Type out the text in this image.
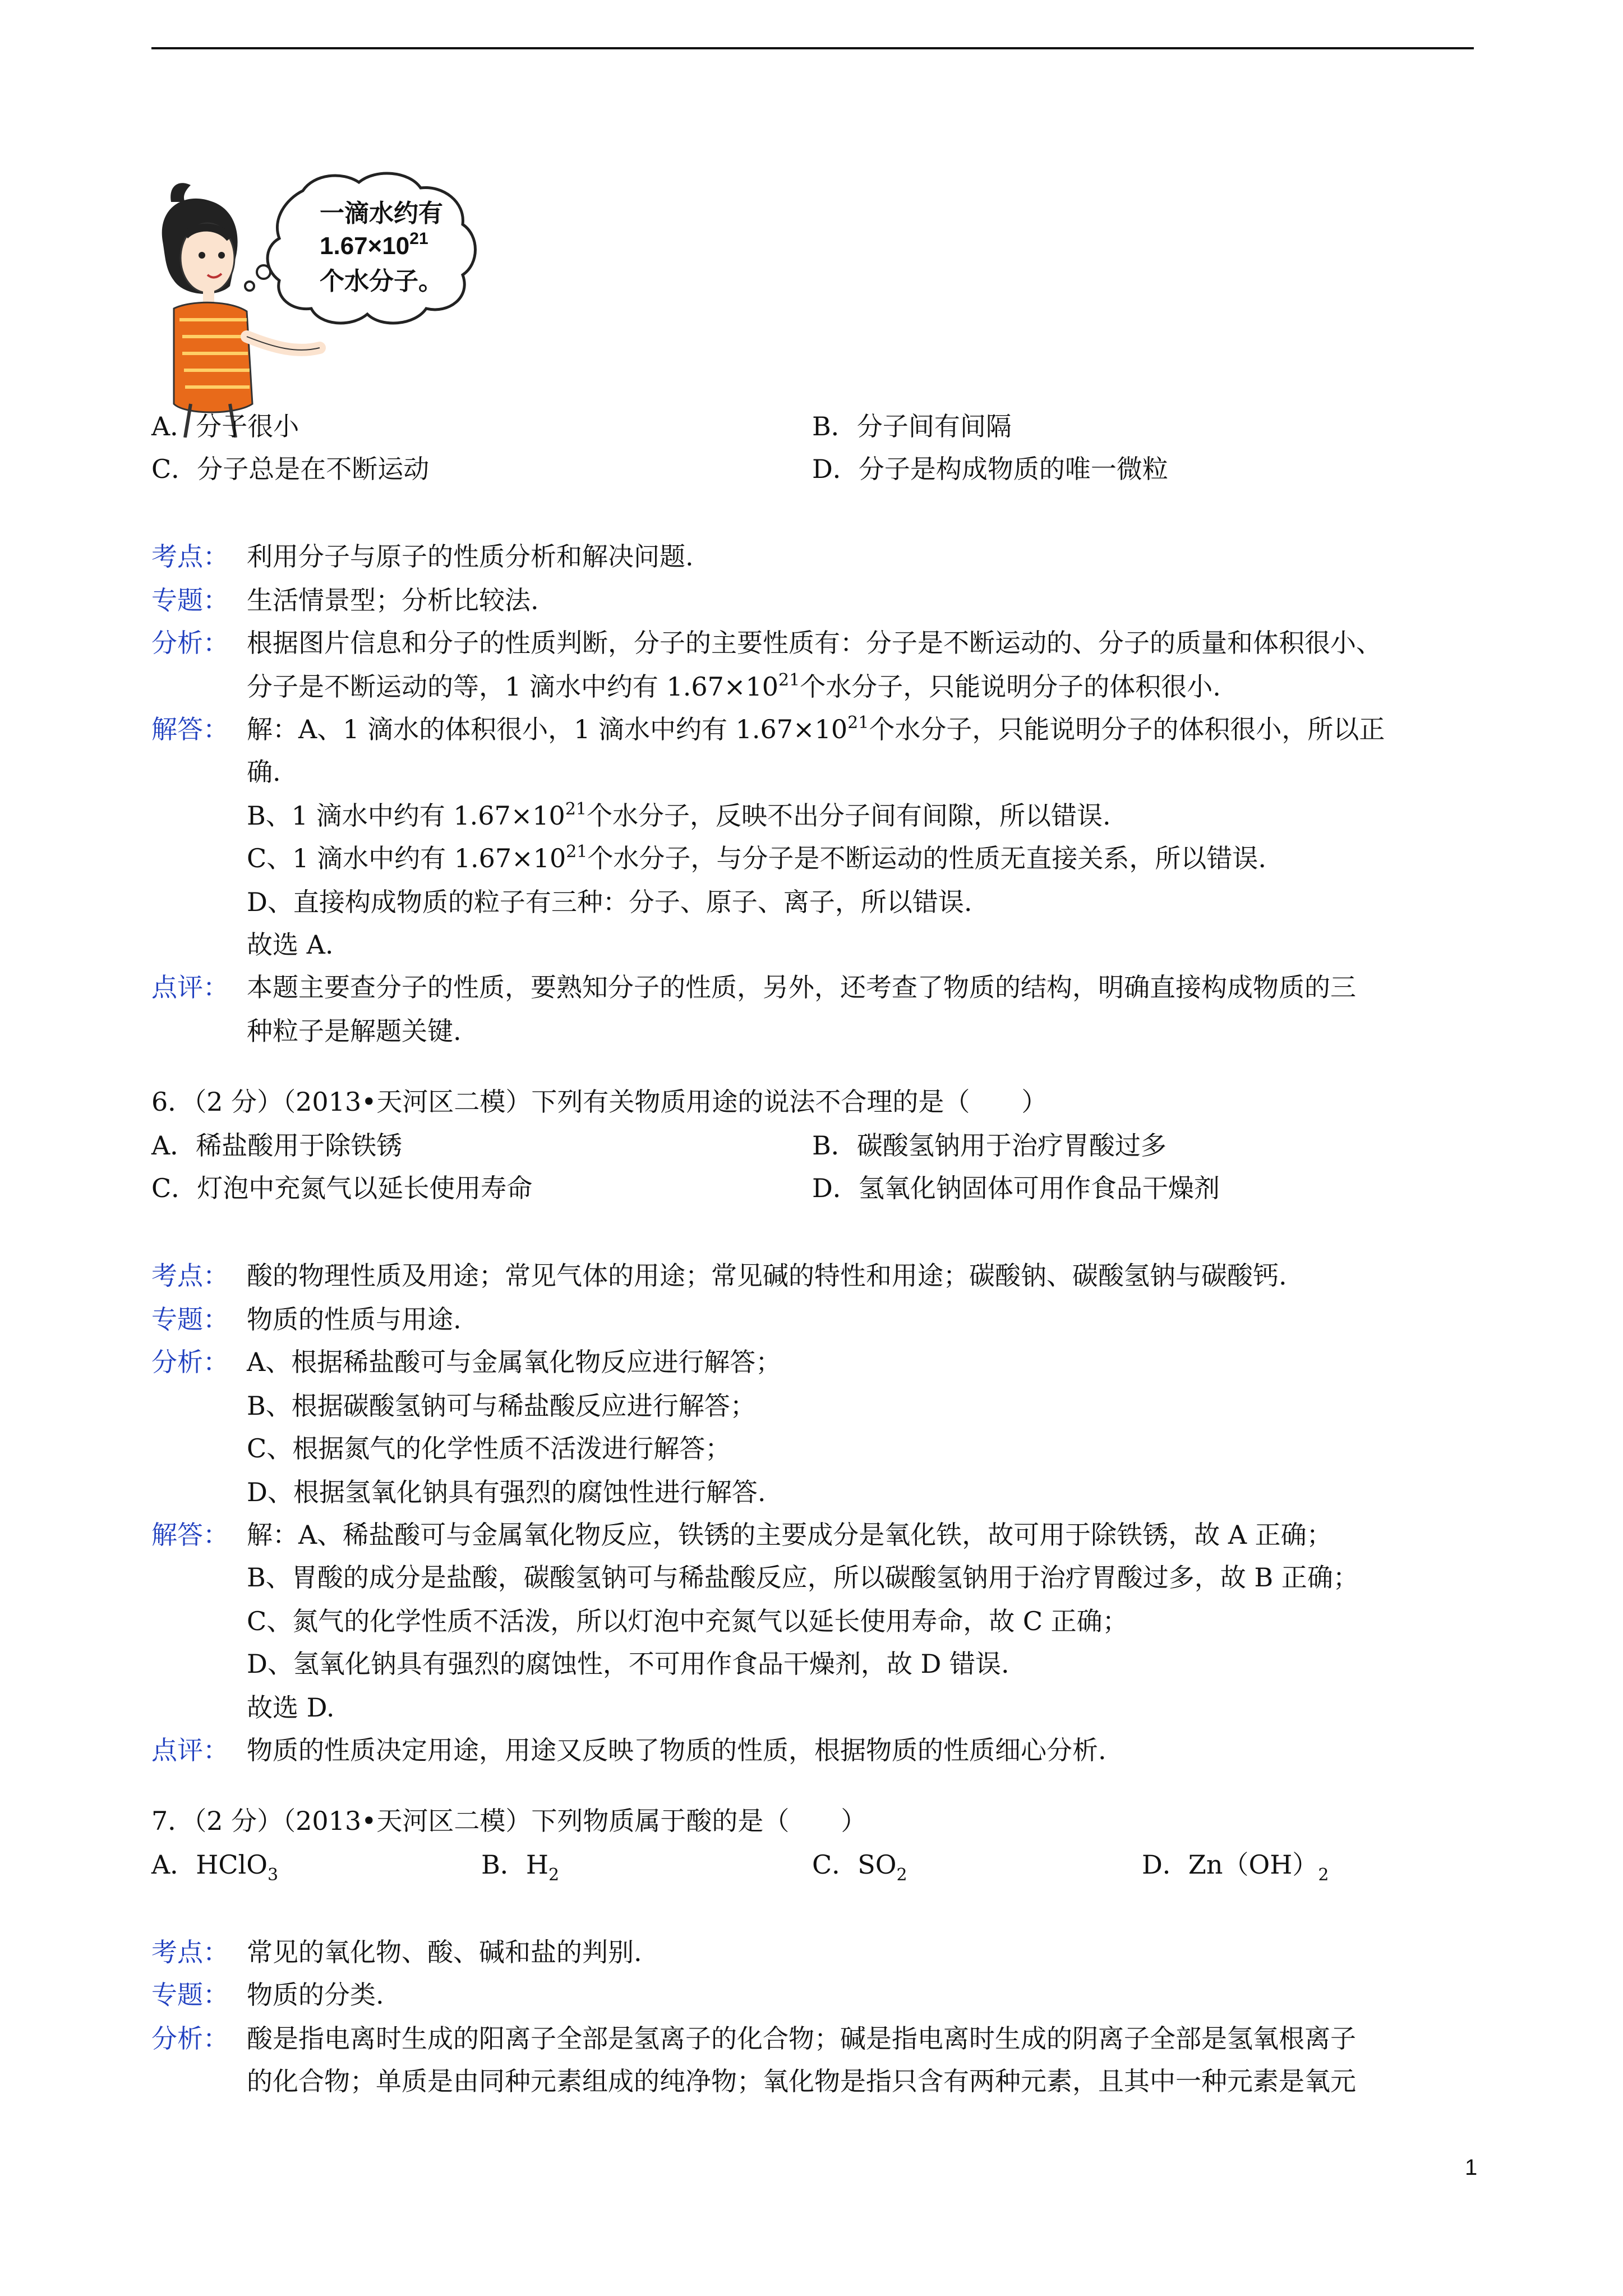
一滴水约有
$1.67\times 10^{21}$
个水分子。
A．分子很小	B．分子间有间隔
C．分子总是在不断运动	D．分子是构成物质的唯一微粒
考点： 利用分子与原子的性质分析和解决问题.
专题： 生活情景型；分析比较法.
分析： 根据图片信息和分子的性质判断，分子的主要性质有：分子是不断运动的、分子的质量和体积很小、
分子是不断运动的等，1 滴水中约有 $1.67\times 10^{21}$个水分子，只能说明分子的体积很小.
解答： 解：A、1 滴水的体积很小，1 滴水中约有 $1.67\times 10^{21}$个水分子，只能说明分子的体积很小，所以正
确.
B、1 滴水中约有 $1.67\times 10^{21}$个水分子，反映不出分子间有间隙，所以错误.
C、1 滴水中约有 $1.67\times 10^{21}$个水分子，与分子是不断运动的性质无直接关系，所以错误.
D、直接构成物质的粒子有三种：分子、原子、离子，所以错误.
故选 A.
点评： 本题主要查分子的性质，要熟知分子的性质，另外，还考查了物质的结构，明确直接构成物质的三
种粒子是解题关键.
6．（2 分）（2013•天河区二模）下列有关物质用途的说法不合理的是（　　）
A．稀盐酸用于除铁锈	B．碳酸氢钠用于治疗胃酸过多
C．灯泡中充氮气以延长使用寿命	D．氢氧化钠固体可用作食品干燥剂
考点： 酸的物理性质及用途；常见气体的用途；常见碱的特性和用途；碳酸钠、碳酸氢钠与碳酸钙.
专题： 物质的性质与用途.
分析： A、根据稀盐酸可与金属氧化物反应进行解答；
B、根据碳酸氢钠可与稀盐酸反应进行解答；
C、根据氮气的化学性质不活泼进行解答；
D、根据氢氧化钠具有强烈的腐蚀性进行解答.
解答： 解：A、稀盐酸可与金属氧化物反应，铁锈的主要成分是氧化铁，故可用于除铁锈，故 A 正确；
B、胃酸的成分是盐酸，碳酸氢钠可与稀盐酸反应，所以碳酸氢钠用于治疗胃酸过多，故 B 正确；
C、氮气的化学性质不活泼，所以灯泡中充氮气以延长使用寿命，故 C 正确；
D、氢氧化钠具有强烈的腐蚀性，不可用作食品干燥剂，故 D 错误.
故选 D.
点评： 物质的性质决定用途，用途又反映了物质的性质，根据物质的性质细心分析.
7．（2 分）（2013•天河区二模）下列物质属于酸的是（　　）
A．HClO$_3$	B．$H_2$	C．$SO_2$	D．$Zn(OH)_2$
考点： 常见的氧化物、酸、碱和盐的判别.
专题： 物质的分类.
分析： 酸是指电离时生成的阳离子全部是氢离子的化合物；碱是指电离时生成的阴离子全部是氢氧根离子
的化合物；单质是由同种元素组成的纯净物；氧化物是指只含有两种元素，且其中一种元素是氧元
1
